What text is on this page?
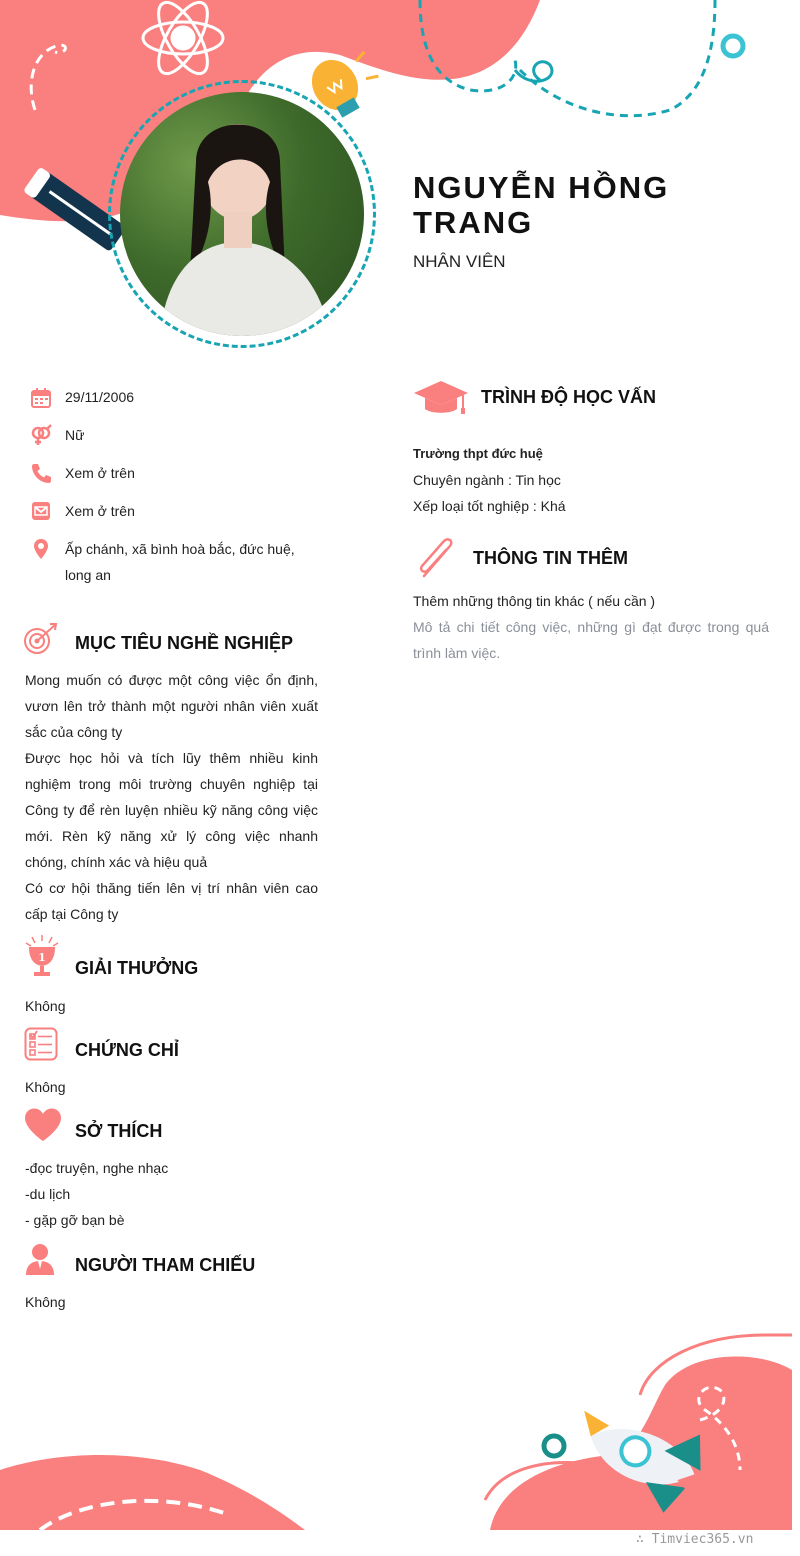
NGUYỄN HỒNG TRANG
NHÂN VIÊN
29/11/2006
Nữ
Xem ở trên
Xem ở trên
Ấp chánh, xã bình hoà bắc, đức huệ, long an
MỤC TIÊU NGHỀ NGHIỆP

Mong muốn có được một công việc ổn định, vươn lên trở thành một người nhân viên xuất sắc của công ty

Được học hỏi và tích lũy thêm nhiều kinh nghiệm trong môi trường chuyên nghiệp tại Công ty để rèn luyện nhiều kỹ năng công việc mới. Rèn kỹ năng xử lý công việc nhanh chóng, chính xác và hiệu quả

Có cơ hội thăng tiến lên vị trí nhân viên cao cấp tại Công ty

1
GIẢI THƯỞNG
Không
CHỨNG CHỈ
Không
SỞ THÍCH

-đọc truyện, nghe nhạc

-du lịch

- gặp gỡ bạn bè

NGƯỜI THAM CHIẾU
Không
TRÌNH ĐỘ HỌC VẤN

Trường thpt đức huệ

Chuyên ngành : Tin học

Xếp loại tốt nghiệp : Khá

THÔNG TIN THÊM
Thêm những thông tin khác ( nếu cần )
Mô tả chi tiết công việc, những gì đạt được trong quá trình làm việc.
∴ Timviec365.vn
